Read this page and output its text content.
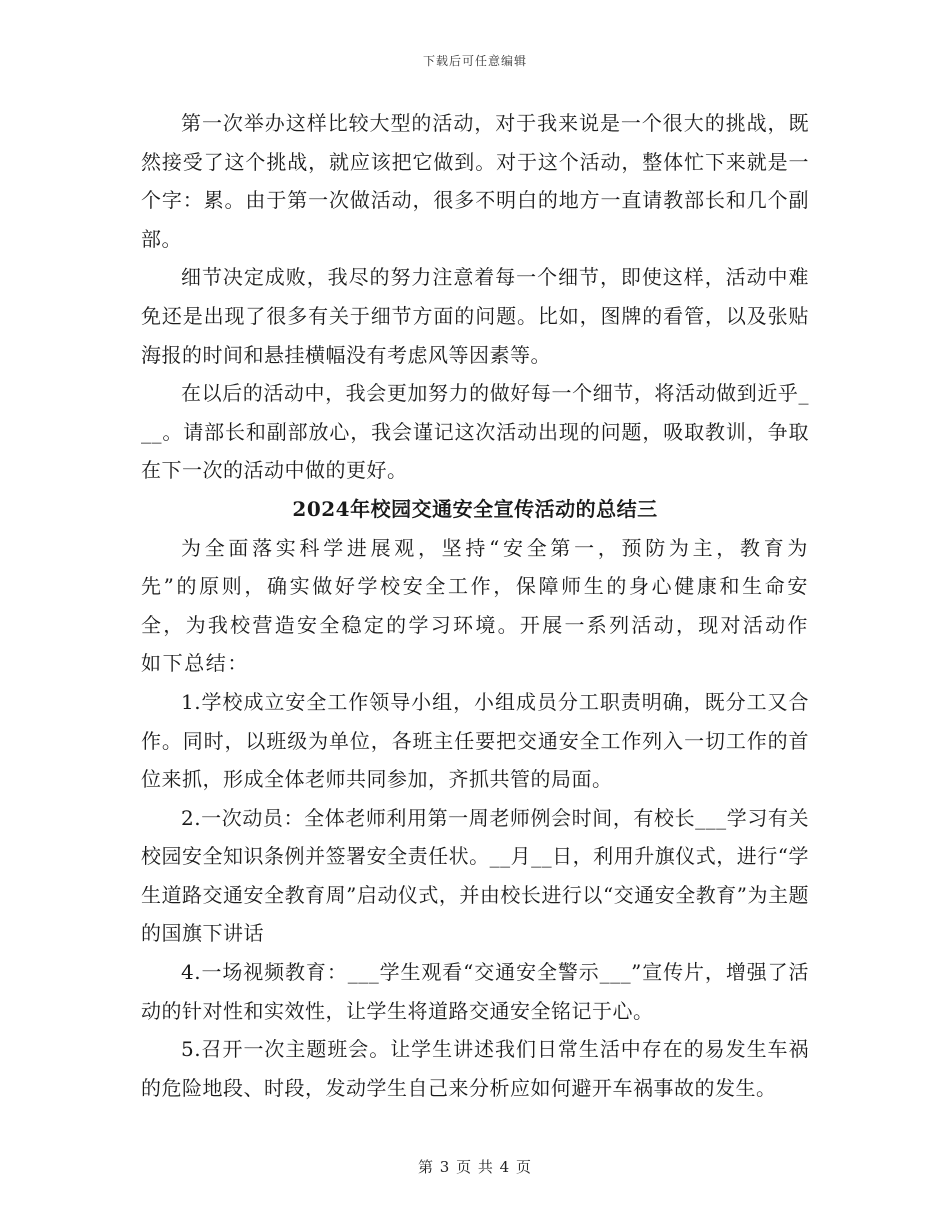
下载后可任意编辑

第一次举办这样比较大型的活动，对于我来说是一个很大的挑战，既然接受了这个挑战，就应该把它做到。对于这个活动，整体忙下来就是一个字：累。由于第一次做活动，很多不明白的地方一直请教部长和几个副部。

细节决定成败，我尽的努力注意着每一个细节，即使这样，活动中难免还是出现了很多有关于细节方面的问题。比如，图牌的看管，以及张贴海报的时间和悬挂横幅没有考虑风等因素等。

在以后的活动中，我会更加努力的做好每一个细节，将活动做到近乎___。请部长和副部放心，我会谨记这次活动出现的问题，吸取教训，争取在下一次的活动中做的更好。

2024年校园交通安全宣传活动的总结三

为全面落实科学进展观，坚持“安全第一，预防为主，教育为先”的原则，确实做好学校安全工作，保障师生的身心健康和生命安全，为我校营造安全稳定的学习环境。开展一系列活动，现对活动作如下总结：

1.学校成立安全工作领导小组，小组成员分工职责明确，既分工又合作。同时，以班级为单位，各班主任要把交通安全工作列入一切工作的首位来抓，形成全体老师共同参加，齐抓共管的局面。

2.一次动员：全体老师利用第一周老师例会时间，有校长___学习有关校园安全知识条例并签署安全责任状。__月__日，利用升旗仪式，进行“学生道路交通安全教育周”启动仪式，并由校长进行以“交通安全教育”为主题的国旗下讲话

4.一场视频教育：___学生观看“交通安全警示___”宣传片，增强了活动的针对性和实效性，让学生将道路交通安全铭记于心。

5.召开一次主题班会。让学生讲述我们日常生活中存在的易发生车祸的危险地段、时段，发动学生自己来分析应如何避开车祸事故的发生。

第 3 页 共 4 页
